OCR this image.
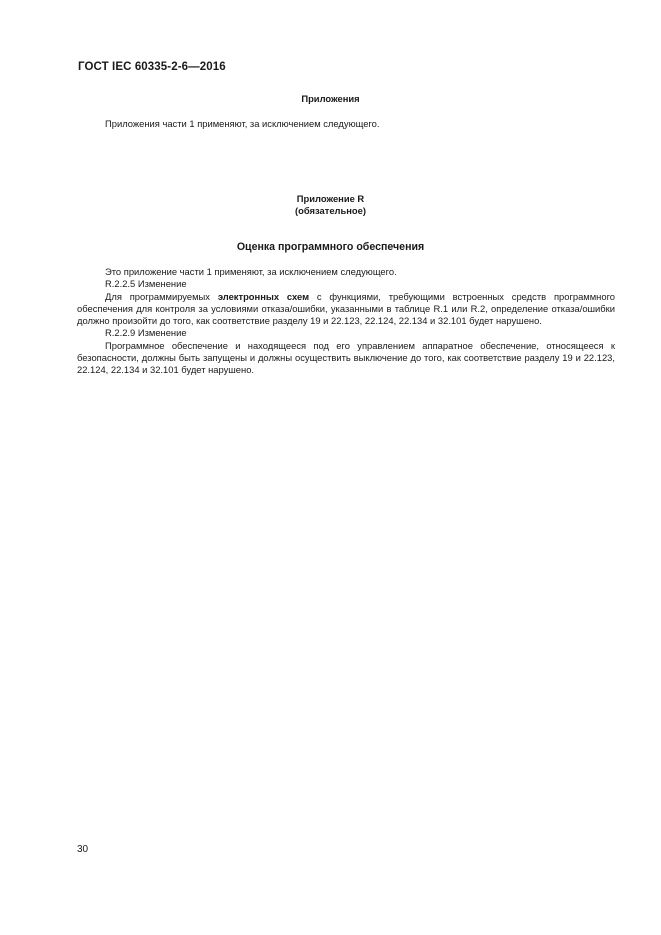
ГОСТ IEC 60335-2-6—2016
Приложения
Приложения части 1 применяют, за исключением следующего.
Приложение R
(обязательное)
Оценка программного обеспечения
Это приложение части 1 применяют, за исключением следующего.
R.2.2.5 Изменение
Для программируемых электронных схем с функциями, требующими встроенных средств программного обеспечения для контроля за условиями отказа/ошибки, указанными в таблице R.1 или R.2, определение отказа/ошибки должно произойти до того, как соответствие разделу 19 и 22.123, 22.124, 22.134 и 32.101 будет нарушено.
R.2.2.9 Изменение
Программное обеспечение и находящееся под его управлением аппаратное обеспечение, относящееся к безопасности, должны быть запущены и должны осуществить выключение до того, как соответствие разделу 19 и 22.123, 22.124, 22.134 и 32.101 будет нарушено.
30
